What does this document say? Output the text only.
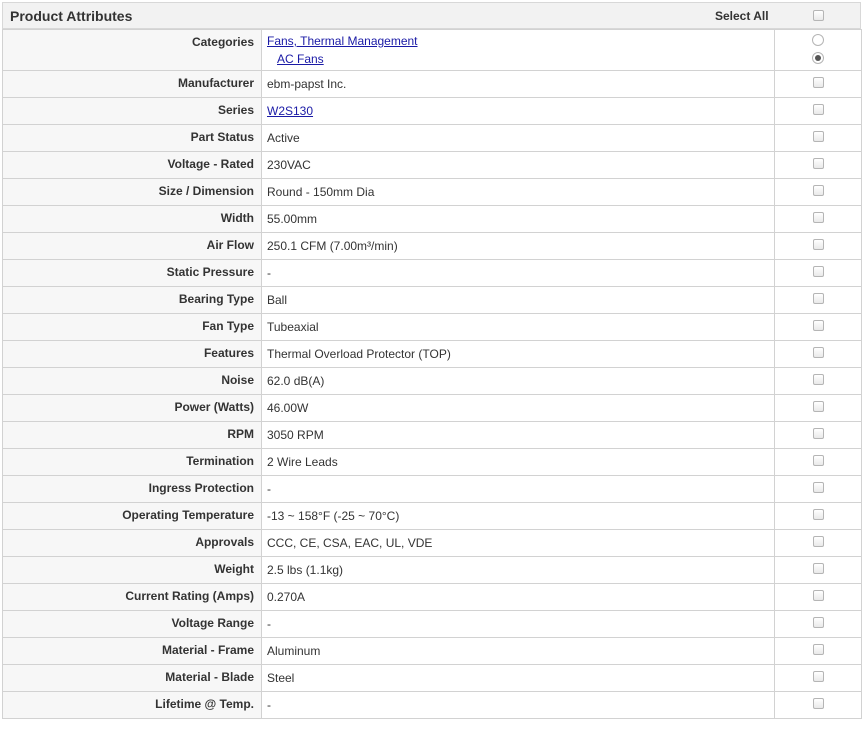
Product Attributes	Select All
Categories	Fans, Thermal Management
AC Fans	

Manufacturer	ebm-papst Inc.	
Series	W2S130	
Part Status	Active	
Voltage - Rated	230VAC	
Size / Dimension	Round - 150mm Dia	
Width	55.00mm	
Air Flow	250.1 CFM (7.00m³/min)	
Static Pressure	-	
Bearing Type	Ball	
Fan Type	Tubeaxial	
Features	Thermal Overload Protector (TOP)	
Noise	62.0 dB(A)	
Power (Watts)	46.00W	
RPM	3050 RPM	
Termination	2 Wire Leads	
Ingress Protection	-	
Operating Temperature	-13 ~ 158°F (-25 ~ 70°C)	
Approvals	CCC, CE, CSA, EAC, UL, VDE	
Weight	2.5 lbs (1.1kg)	
Current Rating (Amps)	0.270A	
Voltage Range	-	
Material - Frame	Aluminum	
Material - Blade	Steel	
Lifetime @ Temp.	-	
